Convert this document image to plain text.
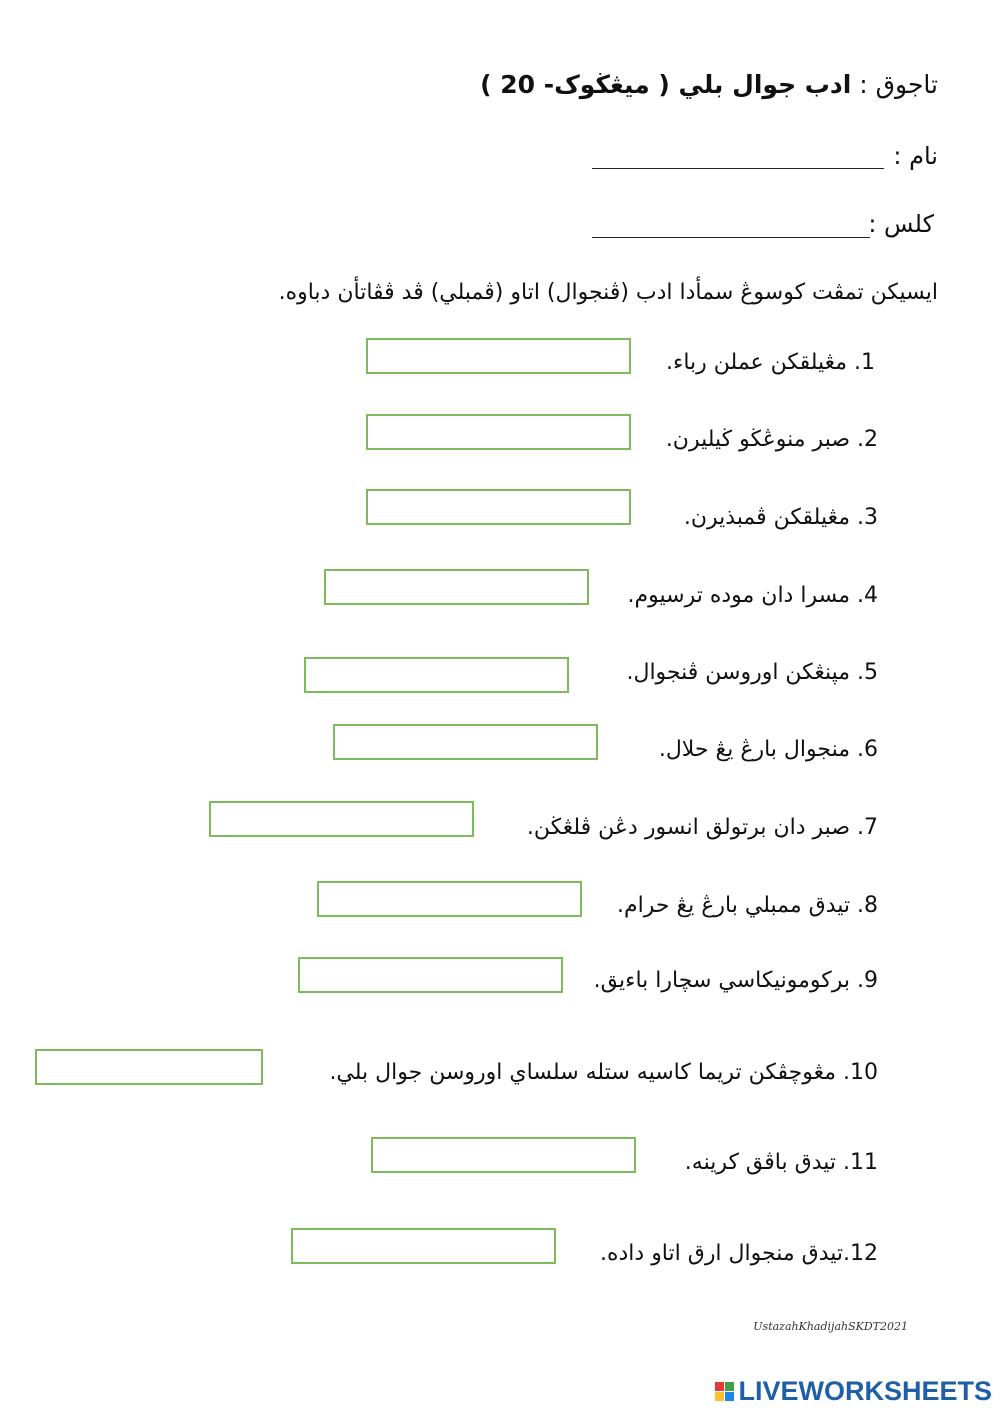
تاجوق : ادب جوال بلي ( ميڠڬوک- 20 )
نام :
کلس :
ايسيکن تمڤت کوسوڠ سمأدا ادب (ڤنجوال) اتاو (ڤمبلي) ڤد ڤڤاتأن دباوه.
1. مڠيلقکن عملن رباء.
2. صبر منوڠڬو ڬيليرن.
3. مڠيلقکن ڤمبذيرن.
4. مسرا دان موده ترسيوم.
5. مپنڠکن اوروسن ڤنجوال.
6. منجوال بارڠ يڠ حلال.
7. صبر دان برتولق انسور دڠن ڤلڠڬن.
8. تيدق ممبلي بارڠ يڠ حرام.
9. برکومونيکاسي سچارا باءيق.
10. مڠوچڤکن تريما کاسيه ستله سلساي اوروسن جوال بلي.
11. تيدق باڤق کرينه.
12.تيدق منجوال ارق اتاو داده.
UstazahKhadijahSKDT2021
LIVEWORKSHEETS
